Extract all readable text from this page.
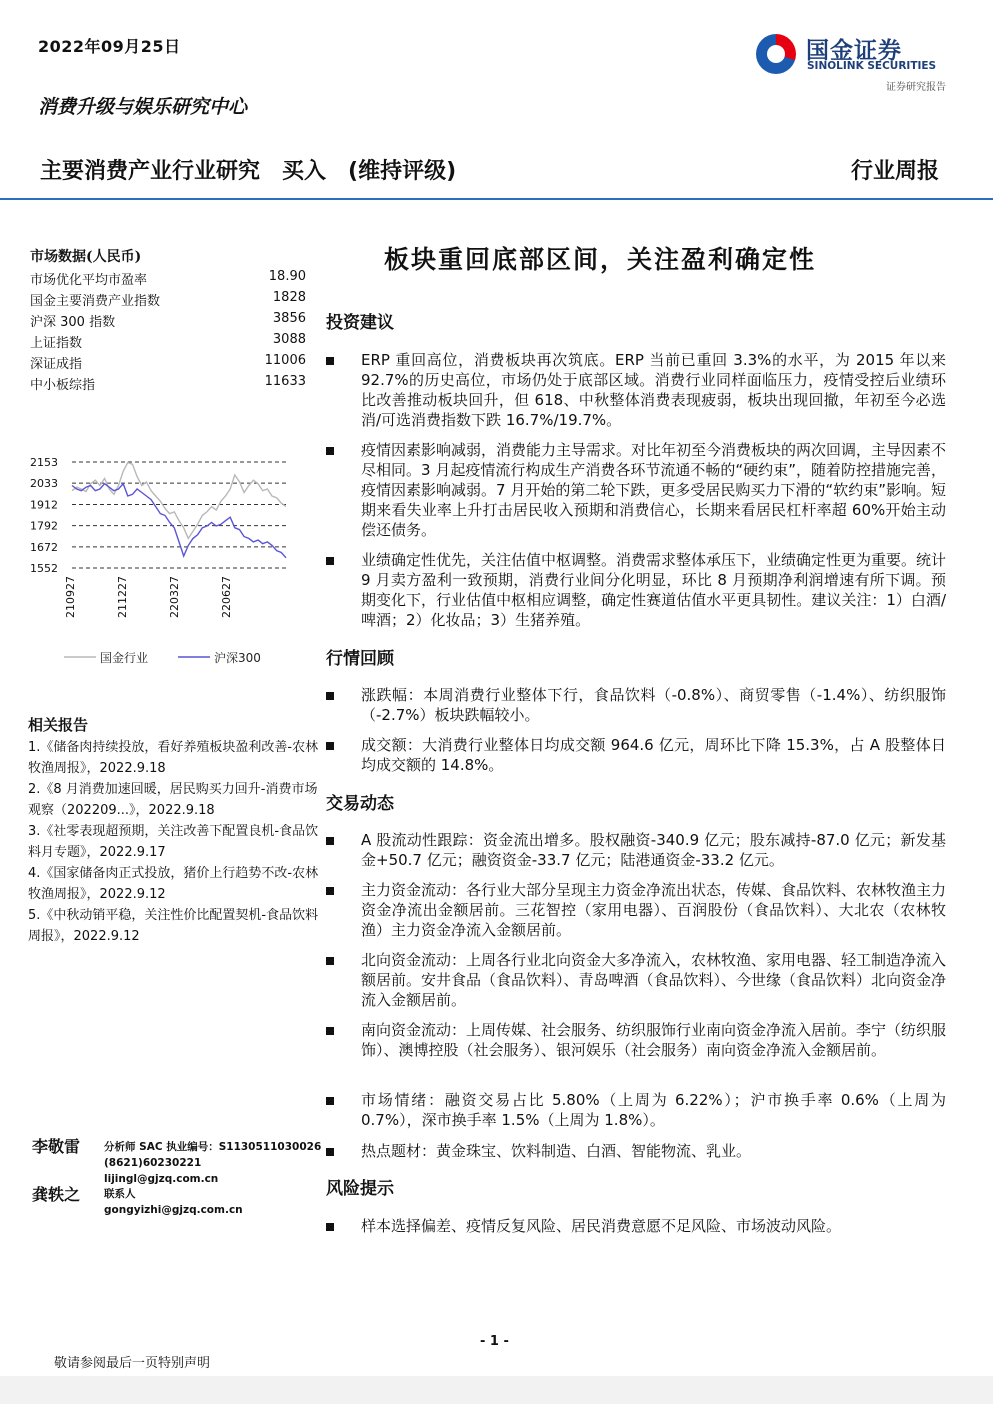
2022年09月25日
消费升级与娱乐研究中心
主要消费产业行业研究 买入 (维持评级)	行业周报
国金证券
SINOLINK SECURITIES
证券研究报告
市场数据(人民币)
市场优化平均市盈率	18.90
国金主要消费产业指数	1828
沪深 300 指数	3856
上证指数	3088
深证成指	11006
中小板综指	11633
2153
2033
1912
1792
1672
1552
210927	211227	220327	220627
国金行业	沪深300
相关报告
1.《储备肉持续投放，看好养殖板块盈利改善-农林牧渔周报》，2022.9.18
2.《8 月消费加速回暖，居民购买力回升-消费市场观察（202209...》，2022.9.18
3.《社零表现超预期，关注改善下配置良机-食品饮料月专题》，2022.9.17
4.《国家储备肉正式投放，猪价上行趋势不改-农林牧渔周报》，2022.9.12
5.《中秋动销平稳，关注性价比配置契机-食品饮料周报》，2022.9.12
李敬雷 分析师 SAC 执业编号：S1130511030026
(8621)60230221
lijingl@gjzq.com.cn
龚轶之 联系人
gongyizhi@gjzq.com.cn
板块重回底部区间，关注盈利确定性
投资建议
ERP 重回高位，消费板块再次筑底。ERP 当前已重回 3.3%的水平，为 2015 年以来 92.7%的历史高位，市场仍处于底部区域。消费行业同样面临压力，疫情受控后业绩环比改善推动板块回升，但 618、中秋整体消费表现疲弱，板块出现回撤，年初至今必选消/可选消费指数下跌 16.7%/19.7%。
疫情因素影响减弱，消费能力主导需求。对比年初至今消费板块的两次回调，主导因素不尽相同。3 月起疫情流行构成生产消费各环节流通不畅的“硬约束”，随着防控措施完善，疫情因素影响减弱。7 月开始的第二轮下跌，更多受居民购买力下滑的“软约束”影响。短期来看失业率上升打击居民收入预期和消费信心，长期来看居民杠杆率超 60%开始主动偿还债务。
业绩确定性优先，关注估值中枢调整。消费需求整体承压下，业绩确定性更为重要。统计 9 月卖方盈利一致预期，消费行业间分化明显，环比 8 月预期净利润增速有所下调。预期变化下，行业估值中枢相应调整，确定性赛道估值水平更具韧性。建议关注：1）白酒/啤酒；2）化妆品；3）生猪养殖。
行情回顾
涨跌幅：本周消费行业整体下行，食品饮料（-0.8%）、商贸零售（-1.4%）、纺织服饰（-2.7%）板块跌幅较小。
成交额：大消费行业整体日均成交额 964.6 亿元，周环比下降 15.3%，占 A 股整体日均成交额的 14.8%。
交易动态
A 股流动性跟踪：资金流出增多。股权融资-340.9 亿元；股东减持-87.0 亿元；新发基金+50.7 亿元；融资资金-33.7 亿元；陆港通资金-33.2 亿元。
主力资金流动：各行业大部分呈现主力资金净流出状态，传媒、食品饮料、农林牧渔主力资金净流出金额居前。三花智控（家用电器）、百润股份（食品饮料）、大北农（农林牧渔）主力资金净流入金额居前。
北向资金流动：上周各行业北向资金大多净流入，农林牧渔、家用电器、轻工制造净流入额居前。安井食品（食品饮料）、青岛啤酒（食品饮料）、今世缘（食品饮料）北向资金净流入金额居前。
南向资金流动：上周传媒、社会服务、纺织服饰行业南向资金净流入居前。李宁（纺织服饰）、澳博控股（社会服务）、银河娱乐（社会服务）南向资金净流入金额居前。
市场情绪：融资交易占比 5.80%（上周为 6.22%）；沪市换手率 0.6%（上周为 0.7%），深市换手率 1.5%（上周为 1.8%）。
热点题材：黄金珠宝、饮料制造、白酒、智能物流、乳业。
风险提示
样本选择偏差、疫情反复风险、居民消费意愿不足风险、市场波动风险。
- 1 -
敬请参阅最后一页特别声明
